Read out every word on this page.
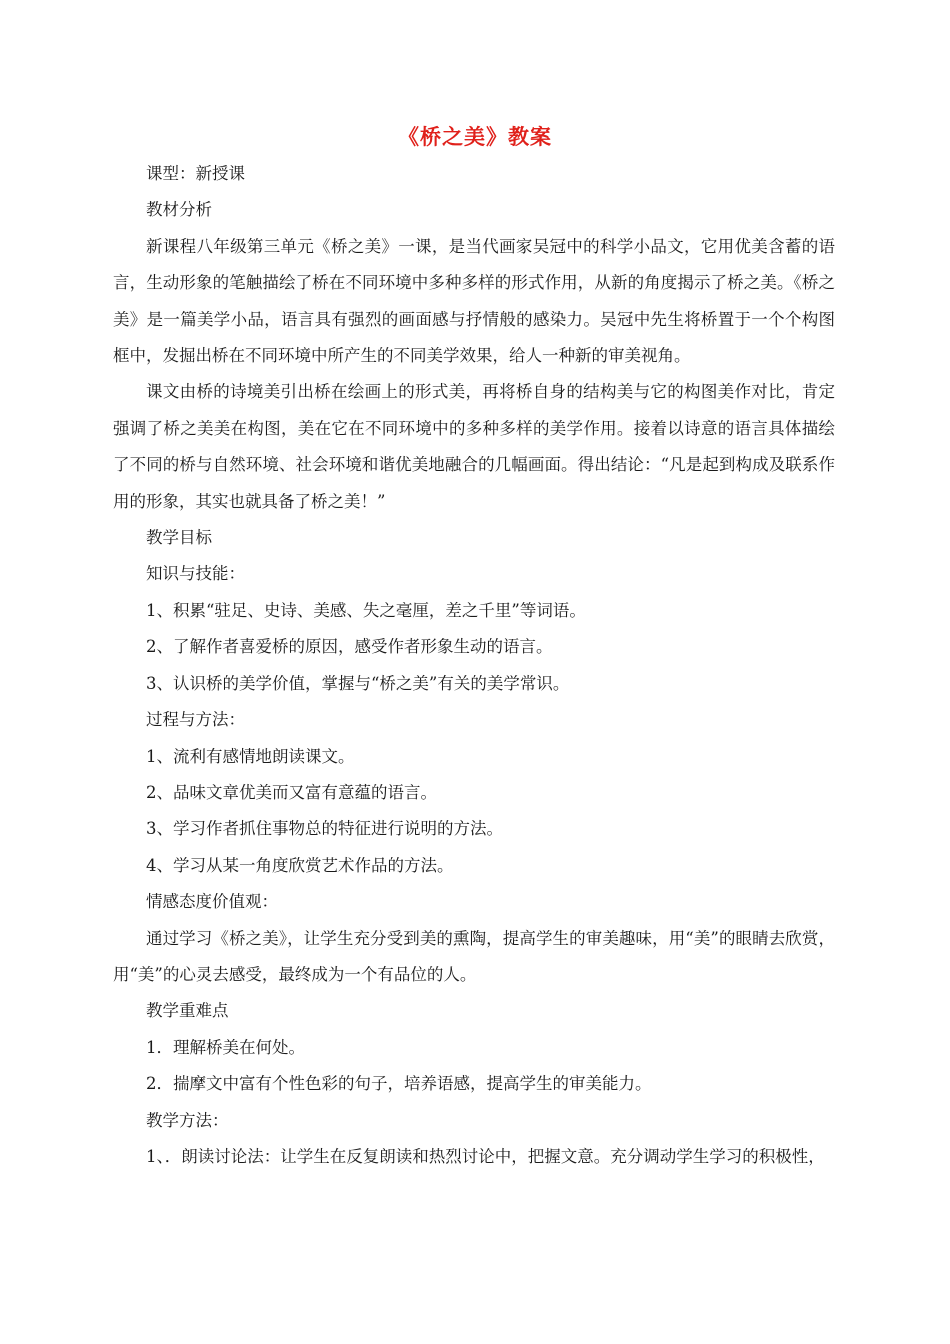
《桥之美》教案

课型：新授课

教材分析

新课程八年级第三单元《桥之美》一课，是当代画家吴冠中的科学小品文，它用优美含蓄的语言，生动形象的笔触描绘了桥在不同环境中多种多样的形式作用，从新的角度揭示了桥之美。《桥之美》是一篇美学小品，语言具有强烈的画面感与抒情般的感染力。吴冠中先生将桥置于一个个构图框中，发掘出桥在不同环境中所产生的不同美学效果，给人一种新的审美视角。

课文由桥的诗境美引出桥在绘画上的形式美，再将桥自身的结构美与它的构图美作对比，肯定强调了桥之美美在构图，美在它在不同环境中的多种多样的美学作用。接着以诗意的语言具体描绘了不同的桥与自然环境、社会环境和谐优美地融合的几幅画面。得出结论：“凡是起到构成及联系作用的形象，其实也就具备了桥之美！”

教学目标

知识与技能：

1、积累“驻足、史诗、美感、失之毫厘，差之千里”等词语。

2、了解作者喜爱桥的原因，感受作者形象生动的语言。

3、认识桥的美学价值，掌握与“桥之美”有关的美学常识。

过程与方法：

1、流利有感情地朗读课文。

2、品味文章优美而又富有意蕴的语言。

3、学习作者抓住事物总的特征进行说明的方法。

4、学习从某一角度欣赏艺术作品的方法。

情感态度价值观：

通过学习《桥之美》，让学生充分受到美的熏陶，提高学生的审美趣味，用“美”的眼睛去欣赏，用“美”的心灵去感受，最终成为一个有品位的人。

教学重难点

1．理解桥美在何处。

2．揣摩文中富有个性色彩的句子，培养语感，提高学生的审美能力。

教学方法：

1、．朗读讨论法：让学生在反复朗读和热烈讨论中，把握文意。充分调动学生学习的积极性，
